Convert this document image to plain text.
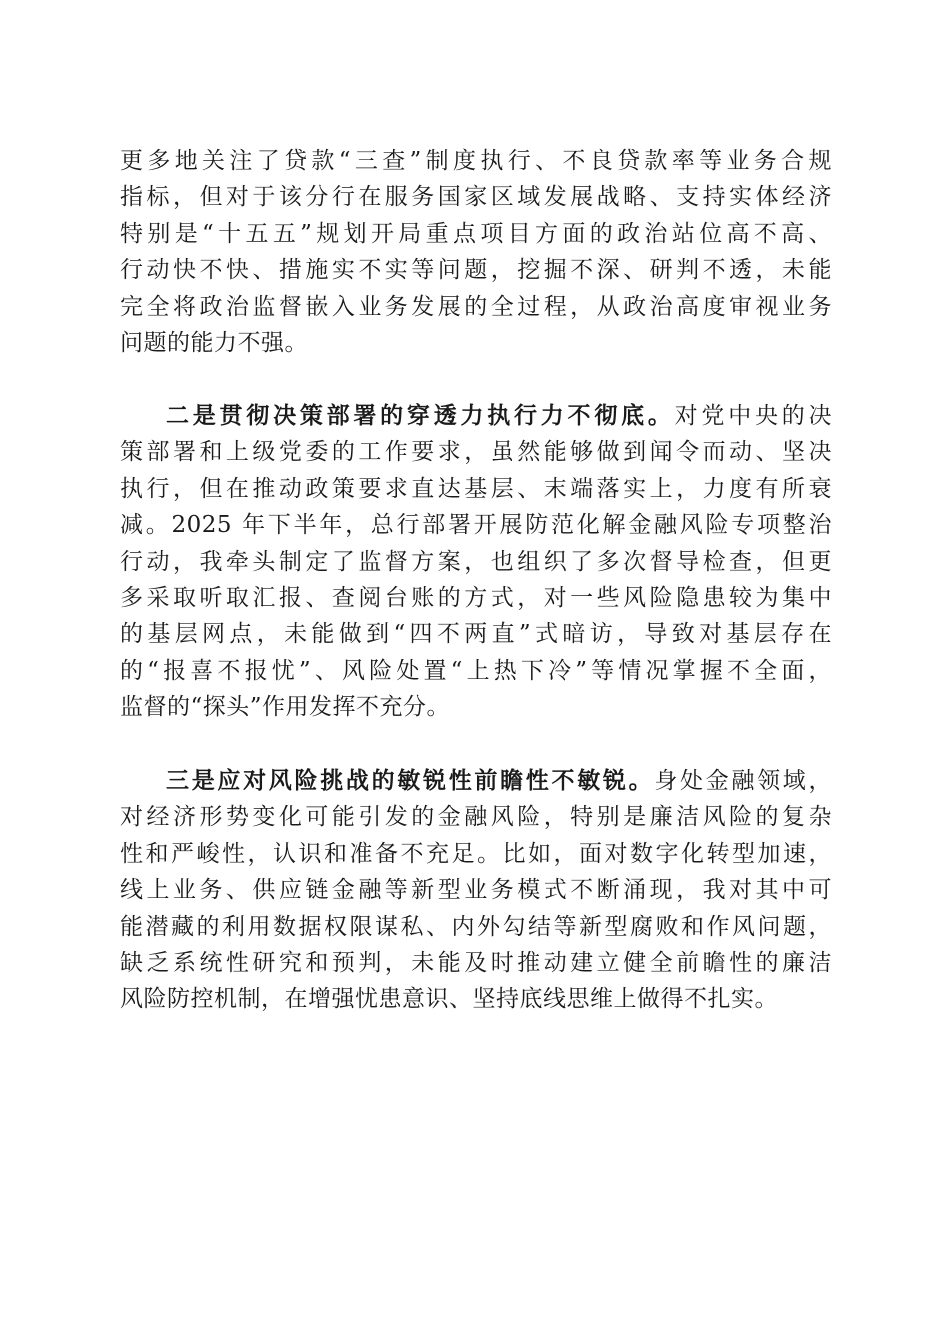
更多地关注了贷款“三查”制度执行、不良贷款率等业务合规
指标，但对于该分行在服务国家区域发展战略、支持实体经济
特别是“十五五”规划开局重点项目方面的政治站位高不高、
行动快不快、措施实不实等问题，挖掘不深、研判不透，未能
完全将政治监督嵌入业务发展的全过程，从政治高度审视业务
问题的能力不强。
二是贯彻决策部署的穿透力执行力不彻底。对党中央的决
策部署和上级党委的工作要求，虽然能够做到闻令而动、坚决
执行，但在推动政策要求直达基层、末端落实上，力度有所衰
减。2025 年下半年，总行部署开展防范化解金融风险专项整治
行动，我牵头制定了监督方案，也组织了多次督导检查，但更
多采取听取汇报、查阅台账的方式，对一些风险隐患较为集中
的基层网点，未能做到“四不两直”式暗访，导致对基层存在
的“报喜不报忧”、风险处置“上热下冷”等情况掌握不全面，
监督的“探头”作用发挥不充分。
三是应对风险挑战的敏锐性前瞻性不敏锐。身处金融领域，
对经济形势变化可能引发的金融风险，特别是廉洁风险的复杂
性和严峻性，认识和准备不充足。比如，面对数字化转型加速，
线上业务、供应链金融等新型业务模式不断涌现，我对其中可
能潜藏的利用数据权限谋私、内外勾结等新型腐败和作风问题，
缺乏系统性研究和预判，未能及时推动建立健全前瞻性的廉洁
风险防控机制，在增强忧患意识、坚持底线思维上做得不扎实。
